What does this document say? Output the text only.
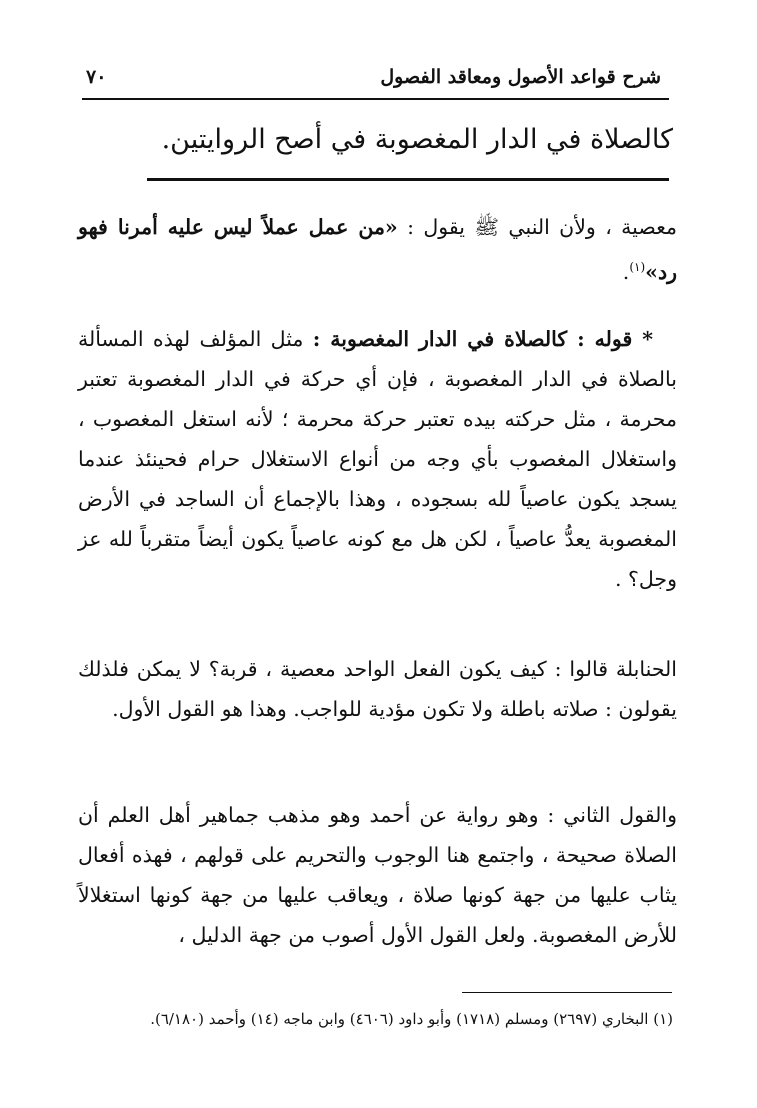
شرح قواعد الأصول ومعاقد الفصول
٧٠
كالصلاة في الدار المغصوبة في أصح الروايتين.
معصية ، ولأن النبي ﷺ يقول : «من عمل عملاً ليس عليه أمرنا فهو رد»$^{(١)}$.
* قوله : كالصلاة في الدار المغصوبة : مثل المؤلف لهذه المسألة بالصلاة في الدار المغصوبة ، فإن أي حركة في الدار المغصوبة تعتبر محرمة ، مثل حركته بيده تعتبر حركة محرمة ؛ لأنه استغل المغصوب ، واستغلال المغصوب بأي وجه من أنواع الاستغلال حرام فحينئذ عندما يسجد يكون عاصياً لله بسجوده ، وهذا بالإجماع أن الساجد في الأرض المغصوبة يعدُّ عاصياً ، لكن هل مع كونه عاصياً يكون أيضاً متقرباً لله عز وجل؟ .
الحنابلة قالوا : كيف يكون الفعل الواحد معصية ، قربة؟ لا يمكن فلذلك يقولون : صلاته باطلة ولا تكون مؤدية للواجب. وهذا هو القول الأول.
والقول الثاني : وهو رواية عن أحمد وهو مذهب جماهير أهل العلم أن الصلاة صحيحة ، واجتمع هنا الوجوب والتحريم على قولهم ، فهذه أفعال يثاب عليها من جهة كونها صلاة ، ويعاقب عليها من جهة كونها استغلالاً للأرض المغصوبة. ولعل القول الأول أصوب من جهة الدليل ،
(١) البخاري (٢٦٩٧) ومسلم (١٧١٨) وأبو داود (٤٦٠٦) وابن ماجه (١٤) وأحمد (٦/١٨٠).
